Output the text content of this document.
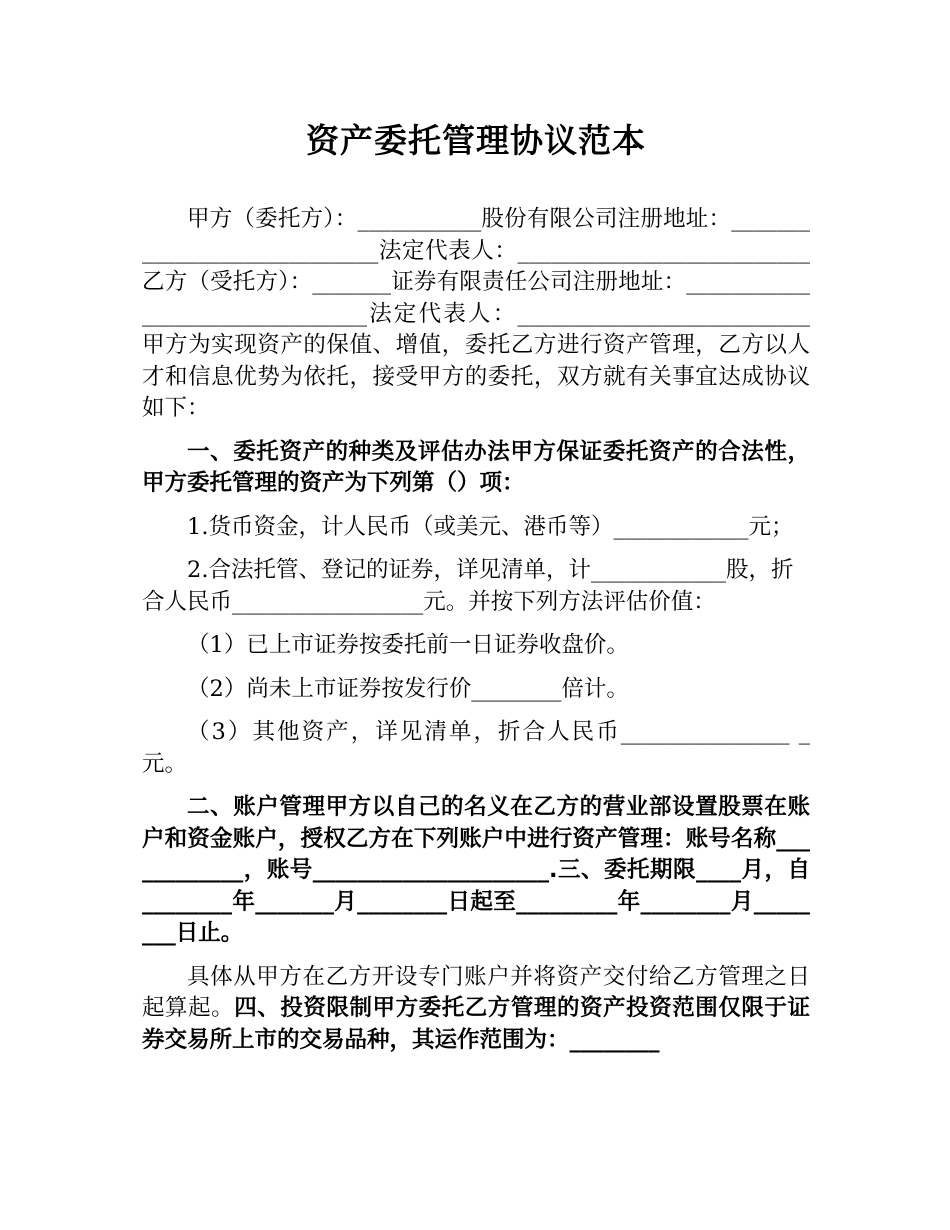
资产委托管理协议范本

甲方（委托方）：___________股份有限公司注册地址：____________________________法定代表人：__________________________乙方（受托方）：_______证券有限责任公司注册地址：_______________________________法定代表人：__________________________甲方为实现资产的保值、增值，委托乙方进行资产管理，乙方以人才和信息优势为依托，接受甲方的委托，双方就有关事宜达成协议如下：

一、委托资产的种类及评估办法甲方保证委托资产的合法性，甲方委托管理的资产为下列第（）项：

1.货币资金，计人民币（或美元、港币等）____________元；

2.合法托管、登记的证券，详见清单，计____________股，折合人民币_________________元。并按下列方法评估价值：

（1）已上市证券按委托前一日证券收盘价。

（2）尚未上市证券按发行价________倍计。

（3）其他资产，详见清单，折合人民币_______________ _元。

二、账户管理甲方以自己的名义在乙方的营业部设置股票在账户和资金账户，授权乙方在下列账户中进行资产管理：账号名称____________，账号_____________________.三、委托期限____月，自________年_______月________日起至_________年________月________日止。

具体从甲方在乙方开设专门账户并将资产交付给乙方管理之日起算起。四、投资限制甲方委托乙方管理的资产投资范围仅限于证券交易所上市的交易品种，其运作范围为：________
